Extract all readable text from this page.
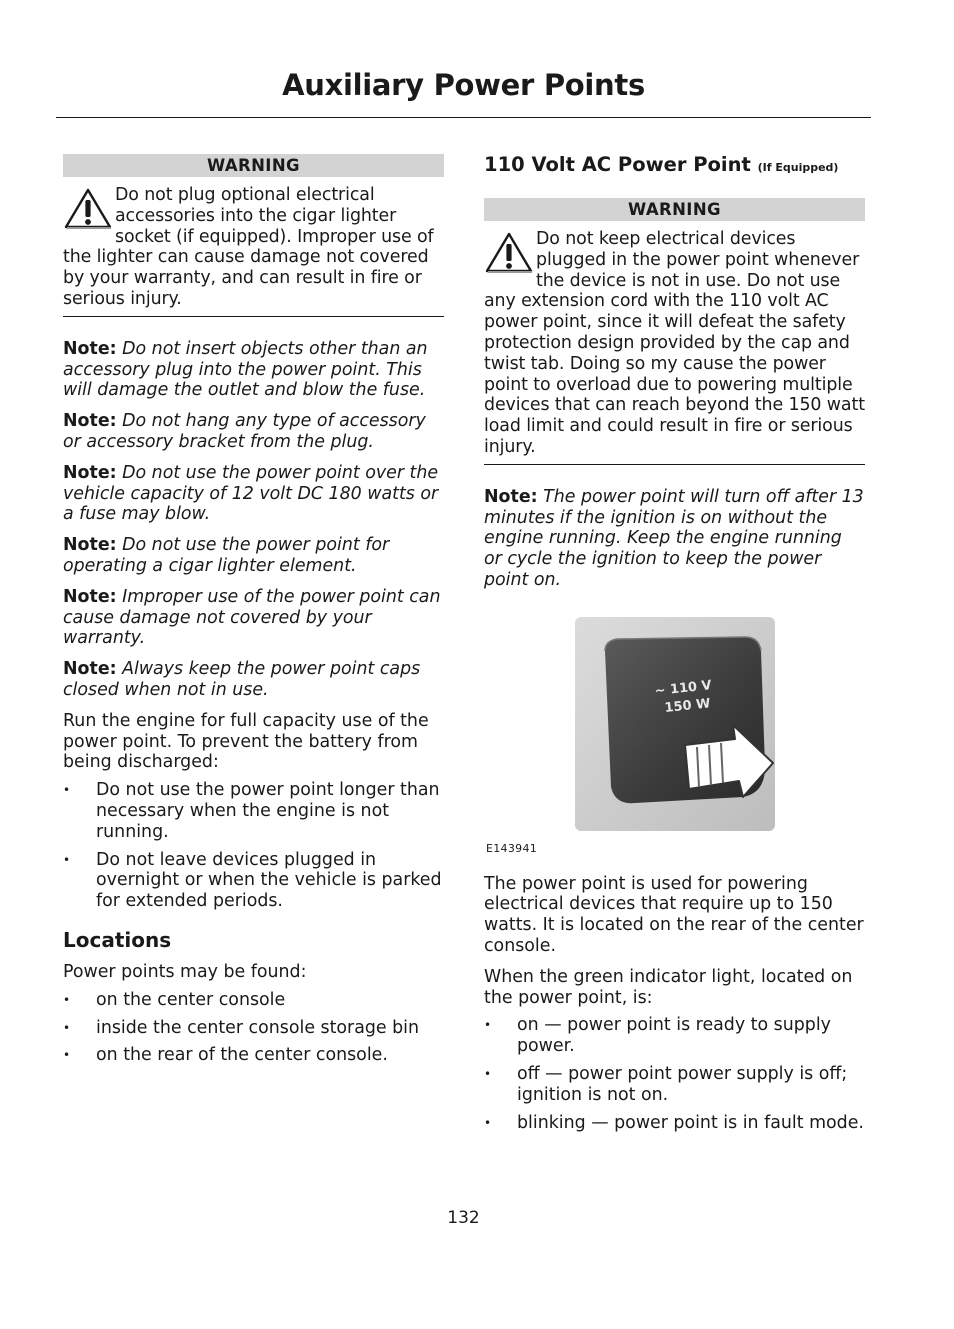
Auxiliary Power Points
WARNING
Do not plug optional electrical accessories into the cigar lighter socket (if equipped). Improper use of the lighter can cause damage not covered by your warranty, and can result in fire or serious injury.

Note: Do not insert objects other than an accessory plug into the power point. This will damage the outlet and blow the fuse.

Note: Do not hang any type of accessory or accessory bracket from the plug.

Note: Do not use the power point over the vehicle capacity of 12 volt DC 180 watts or a fuse may blow.

Note: Do not use the power point for operating a cigar lighter element.

Note: Improper use of the power point can cause damage not covered by your warranty.

Note: Always keep the power point caps closed when not in use.

Run the engine for full capacity use of the power point. To prevent the battery from being discharged:

• Do not use the power point longer than necessary when the engine is not running.
• Do not leave devices plugged in overnight or when the vehicle is parked for extended periods.
Locations

Power points may be found:

• on the center console
• inside the center console storage bin
• on the rear of the center console.
110 Volt AC Power Point (If Equipped)
WARNING
Do not keep electrical devices plugged in the power point whenever the device is not in use. Do not use any extension cord with the 110 volt AC power point, since it will defeat the safety protection design provided by the cap and twist tab. Doing so my cause the power point to overload due to powering multiple devices that can reach beyond the 150 watt load limit and could result in fire or serious injury.

Note: The power point will turn off after 13 minutes if the ignition is on without the engine running. Keep the engine running or cycle the ignition to keep the power point on.

~ 110 V
150 W
E143941

The power point is used for powering electrical devices that require up to 150 watts. It is located on the rear of the center console.

When the green indicator light, located on the power point, is:

• on — power point is ready to supply power.
• off — power point power supply is off; ignition is not on.
• blinking — power point is in fault mode.
132
